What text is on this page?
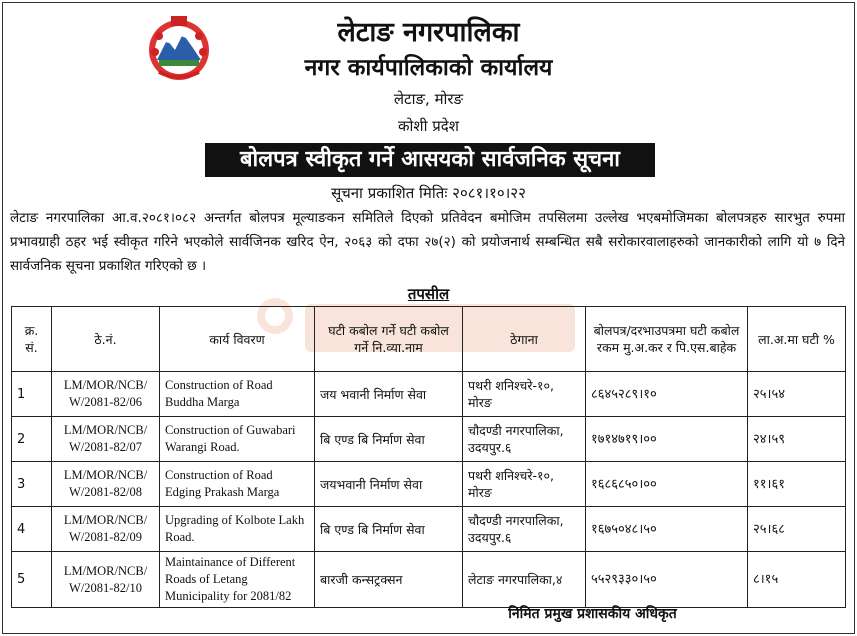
लेटाङ नगरपालिका
नगर कार्यपालिकाको कार्यालय
लेटाङ, मोरङ
कोशी प्रदेश
बोलपत्र स्वीकृत गर्ने आसयको सार्वजनिक सूचना
सूचना प्रकाशित मितिः २०८१।१०।२२
लेटाङ नगरपालिका आ.व.२०८१।०८२ अन्तर्गत बोलपत्र मूल्याङकन समितिले दिएको प्रतिवेदन बमोजिम तपसिलमा उल्लेख भएबमोजिमका बोलपत्रहरु सारभुत रुपमा प्रभावग्राही ठहर भई स्वीकृत गरिने भएकोले सार्वजिनक खरिद ऐन, २०६३ को दफा २७(२) को प्रयोजनार्थ सम्बन्धित सबै सरोकारवालाहरुको जानकारीको लागि यो ७ दिने सार्वजनिक सूचना प्रकाशित गरिएको छ ।
तपसील
क्र. सं.	ठे.नं.	कार्य विवरण	घटी कबोल गर्ने घटी कबोल गर्ने नि.व्या.नाम	ठेगाना	बोलपत्र/दरभाउपत्रमा घटी कबोल रकम मु.अ.कर र पि.एस.बाहेक	ला.अ.मा घटी %
1	LM/MOR/NCB/ W/2081-82/06	Construction of Road Buddha Marga	जय भवानी निर्माण सेवा	पथरी शनिश्चरे-१०, मोरङ	८६४५२८९।१०	२५।५४
2	LM/MOR/NCB/ W/2081-82/07	Construction of Guwabari Warangi Road.	बि एण्ड बि निर्माण सेवा	चौदण्डी नगरपालिका, उदयपुर.६	१७१४७१९।००	२४।५९
3	LM/MOR/NCB/ W/2081-82/08	Construction of Road Edging Prakash Marga	जयभवानी निर्माण सेवा	पथरी शनिश्चरे-१०, मोरङ	१६८६८५०।००	११।६१
4	LM/MOR/NCB/ W/2081-82/09	Upgrading of Kolbote Lakh Road.	बि एण्ड बि निर्माण सेवा	चौदण्डी नगरपालिका, उदयपुर.६	१६७५०४८।५०	२५।६८
5	LM/MOR/NCB/ W/2081-82/10	Maintainance of Different Roads of Letang Municipality for 2081/82	बारजी कन्सट्रक्सन	लेटाङ नगरपालिका,४	५५२९३३०।५०	८।१५
निमित प्रमुख प्रशासकीय अधिकृत
